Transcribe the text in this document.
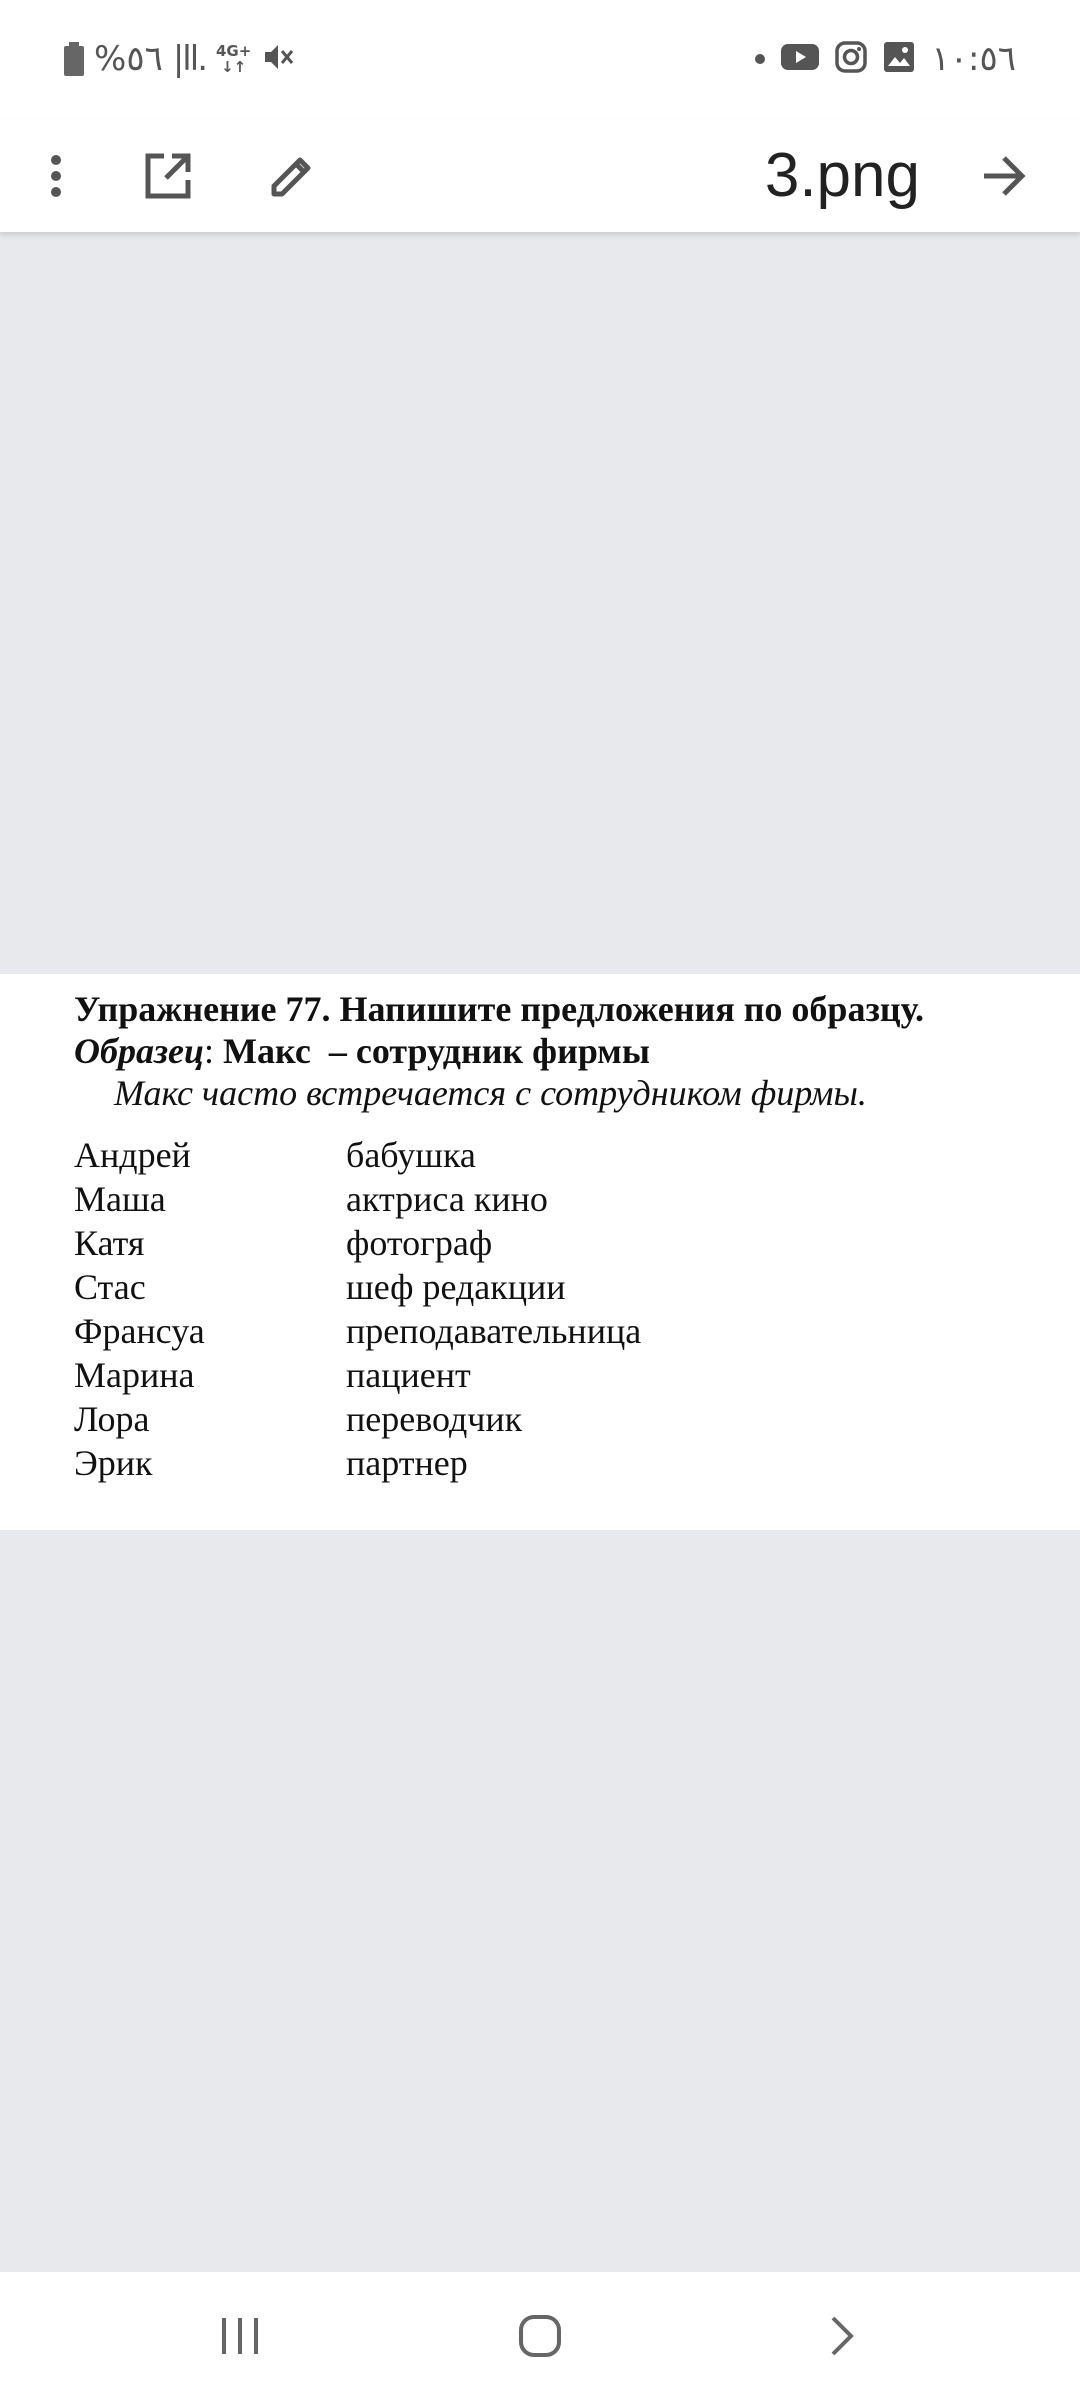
%٥٦ |ll. 4G+
↓↑	١٠:٥٦
3.png
Упражнение 77. Напишите предложения по образцу.
Образец: Макс  – сотрудник фирмы
Макс часто встречается с сотрудником фирмы.
Андрей	бабушка
Маша	актриса кино
Катя	фотограф
Стас	шеф редакции
Франсуа	преподавательница
Марина	пациент
Лора	переводчик
Эрик	партнер
